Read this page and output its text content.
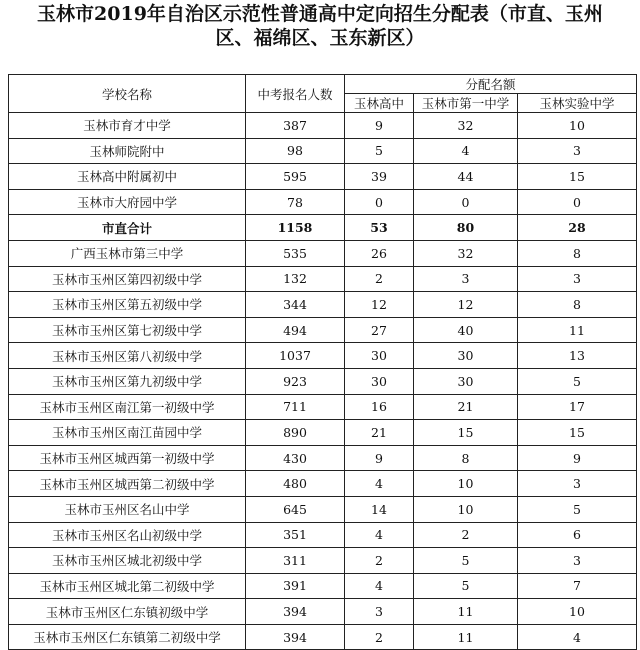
玉林市2019年自治区示范性普通高中定向招生分配表（市直、玉州
区、福绵区、玉东新区）
学校名称	中考报名人数	分配名额		
		玉林高中	玉林市第一中学	玉林实验中学
玉林市育才中学	387	9	32	10
玉林师院附中	98	5	4	3
玉林高中附属初中	595	39	44	15
玉林市大府园中学	78	0	0	0
市直合计	1158	53	80	28
广西玉林市第三中学	535	26	32	8
玉林市玉州区第四初级中学	132	2	3	3
玉林市玉州区第五初级中学	344	12	12	8
玉林市玉州区第七初级中学	494	27	40	11
玉林市玉州区第八初级中学	1037	30	30	13
玉林市玉州区第九初级中学	923	30	30	5
玉林市玉州区南江第一初级中学	711	16	21	17
玉林市玉州区南江苗园中学	890	21	15	15
玉林市玉州区城西第一初级中学	430	9	8	9
玉林市玉州区城西第二初级中学	480	4	10	3
玉林市玉州区名山中学	645	14	10	5
玉林市玉州区名山初级中学	351	4	2	6
玉林市玉州区城北初级中学	311	2	5	3
玉林市玉州区城北第二初级中学	391	4	5	7
玉林市玉州区仁东镇初级中学	394	3	11	10
玉林市玉州区仁东镇第二初级中学	394	2	11	4
